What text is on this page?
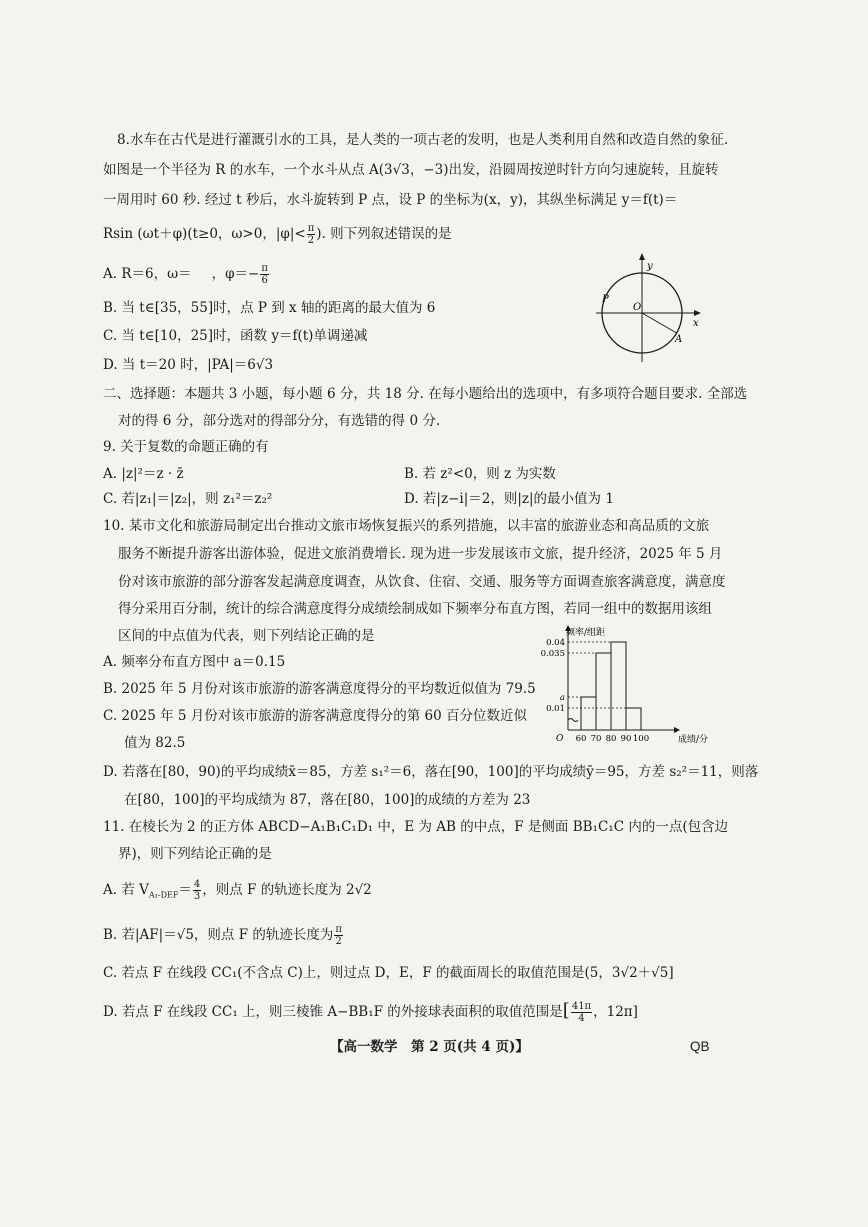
8.水车在古代是进行灌溉引水的工具，是人类的一项古老的发明，也是人类利用自然和改造自然的象征.
如图是一个半径为 R 的水车，一个水斗从点 A(3√3，−3)出发，沿圆周按逆时针方向匀速旋转，且旋转
一周用时 60 秒. 经过 t 秒后，水斗旋转到 P 点，设 P 的坐标为(x，y)，其纵坐标满足 y＝f(t)＝
Rsin (ωt＋φ)(t≥0，ω>0，$|\varphi|< \frac{\pi}{2}$ ). 则下列叙述错误的是
A. R＝6，ω＝ ，$\varphi=- \frac{\pi}{6}$
B. 当 t∈[35，55]时，点 P 到 x 轴的距离的最大值为 6
C. 当 t∈[10，25]时，函数 y＝f(t)单调递减
D. 当 t＝20 时，|PA|＝6√3
y
x
O
P
A
二、选择题：本题共 3 小题，每小题 6 分，共 18 分. 在每小题给出的选项中，有多项符合题目要求. 全部选
对的得 6 分，部分选对的得部分分，有选错的得 0 分.
9. 关于复数的命题正确的有
A. |z|²＝z · z̄	B. 若 z²<0，则 z 为实数
C. 若|z₁|＝|z₂|，则 z₁²＝z₂²	D. 若|z−i|＝2，则|z|的最小值为 1
10. 某市文化和旅游局制定出台推动文旅市场恢复振兴的系列措施，以丰富的旅游业态和高品质的文旅
服务不断提升游客出游体验，促进文旅消费增长. 现为进一步发展该市文旅，提升经济，2025 年 5 月
份对该市旅游的部分游客发起满意度调查，从饮食、住宿、交通、服务等方面调查旅客满意度，满意度
得分采用百分制，统计的综合满意度得分成绩绘制成如下频率分布直方图，若同一组中的数据用该组
区间的中点值为代表，则下列结论正确的是
A. 频率分布直方图中 a＝0.15
B. 2025 年 5 月份对该市旅游的游客满意度得分的平均数近似值为 79.5
C. 2025 年 5 月份对该市旅游的游客满意度得分的第 60 百分位数近似
值为 82.5
D. 若落在[80，90)的平均成绩x̄＝85，方差 s₁²＝6，落在[90，100]的平均成绩ȳ＝95，方差 s₂²＝11，则落
在[80，100]的平均成绩为 87，落在[80，100]的成绩的方差为 23
频率/组距
成绩/分
O
0.04
0.035
a
0.01
60 70 80 90 100
11. 在棱长为 2 的正方体 ABCD−A₁B₁C₁D₁ 中，E 为 AB 的中点，F 是侧面 BB₁C₁C 内的一点(包含边
界)，则下列结论正确的是
A. 若 $V_{A_1-DEF}= \frac{4}{3}$ ，则点 F 的轨迹长度为 2√2
B. 若|AF|＝√5，则点 F 的轨迹长度为 $\frac{\pi}{2}$
C. 若点 F 在线段 CC₁(不含点 C)上，则过点 D，E，F 的截面周长的取值范围是(5，3√2＋√5]
D. 若点 F 在线段 CC₁ 上，则三棱锥 A−BB₁F 的外接球表面积的取值范围是[ $\frac{41\pi}{4}$ ，12π]
【高一数学　第 2 页(共 4 页)】	QB
